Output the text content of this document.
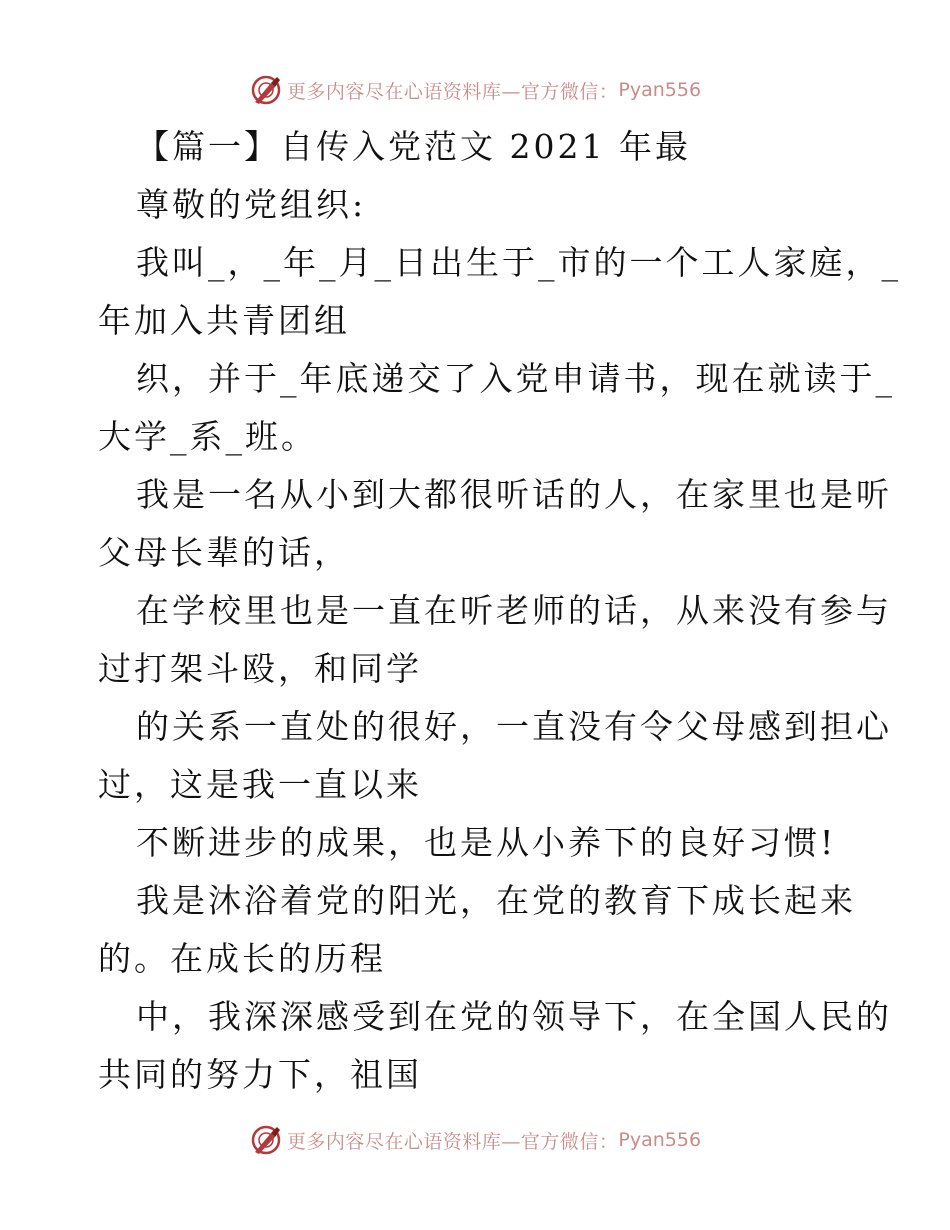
更多内容尽在心语资料库—官方微信： Pyan556
【篇一】自传入党范文 2021 年最
尊敬的党组织:
我叫_，_年_月_日出生于_市的一个工人家庭，_
年加入共青团组
织，并于_年底递交了入党申请书，现在就读于_
大学_系_班。
我是一名从小到大都很听话的人，在家里也是听
父母长辈的话，
在学校里也是一直在听老师的话，从来没有参与
过打架斗殴，和同学
的关系一直处的很好，一直没有令父母感到担心
过，这是我一直以来
不断进步的成果，也是从小养下的良好习惯!
我是沐浴着党的阳光，在党的教育下成长起来
的。在成长的历程
中，我深深感受到在党的领导下，在全国人民的
共同的努力下，祖国
更多内容尽在心语资料库—官方微信： Pyan556
